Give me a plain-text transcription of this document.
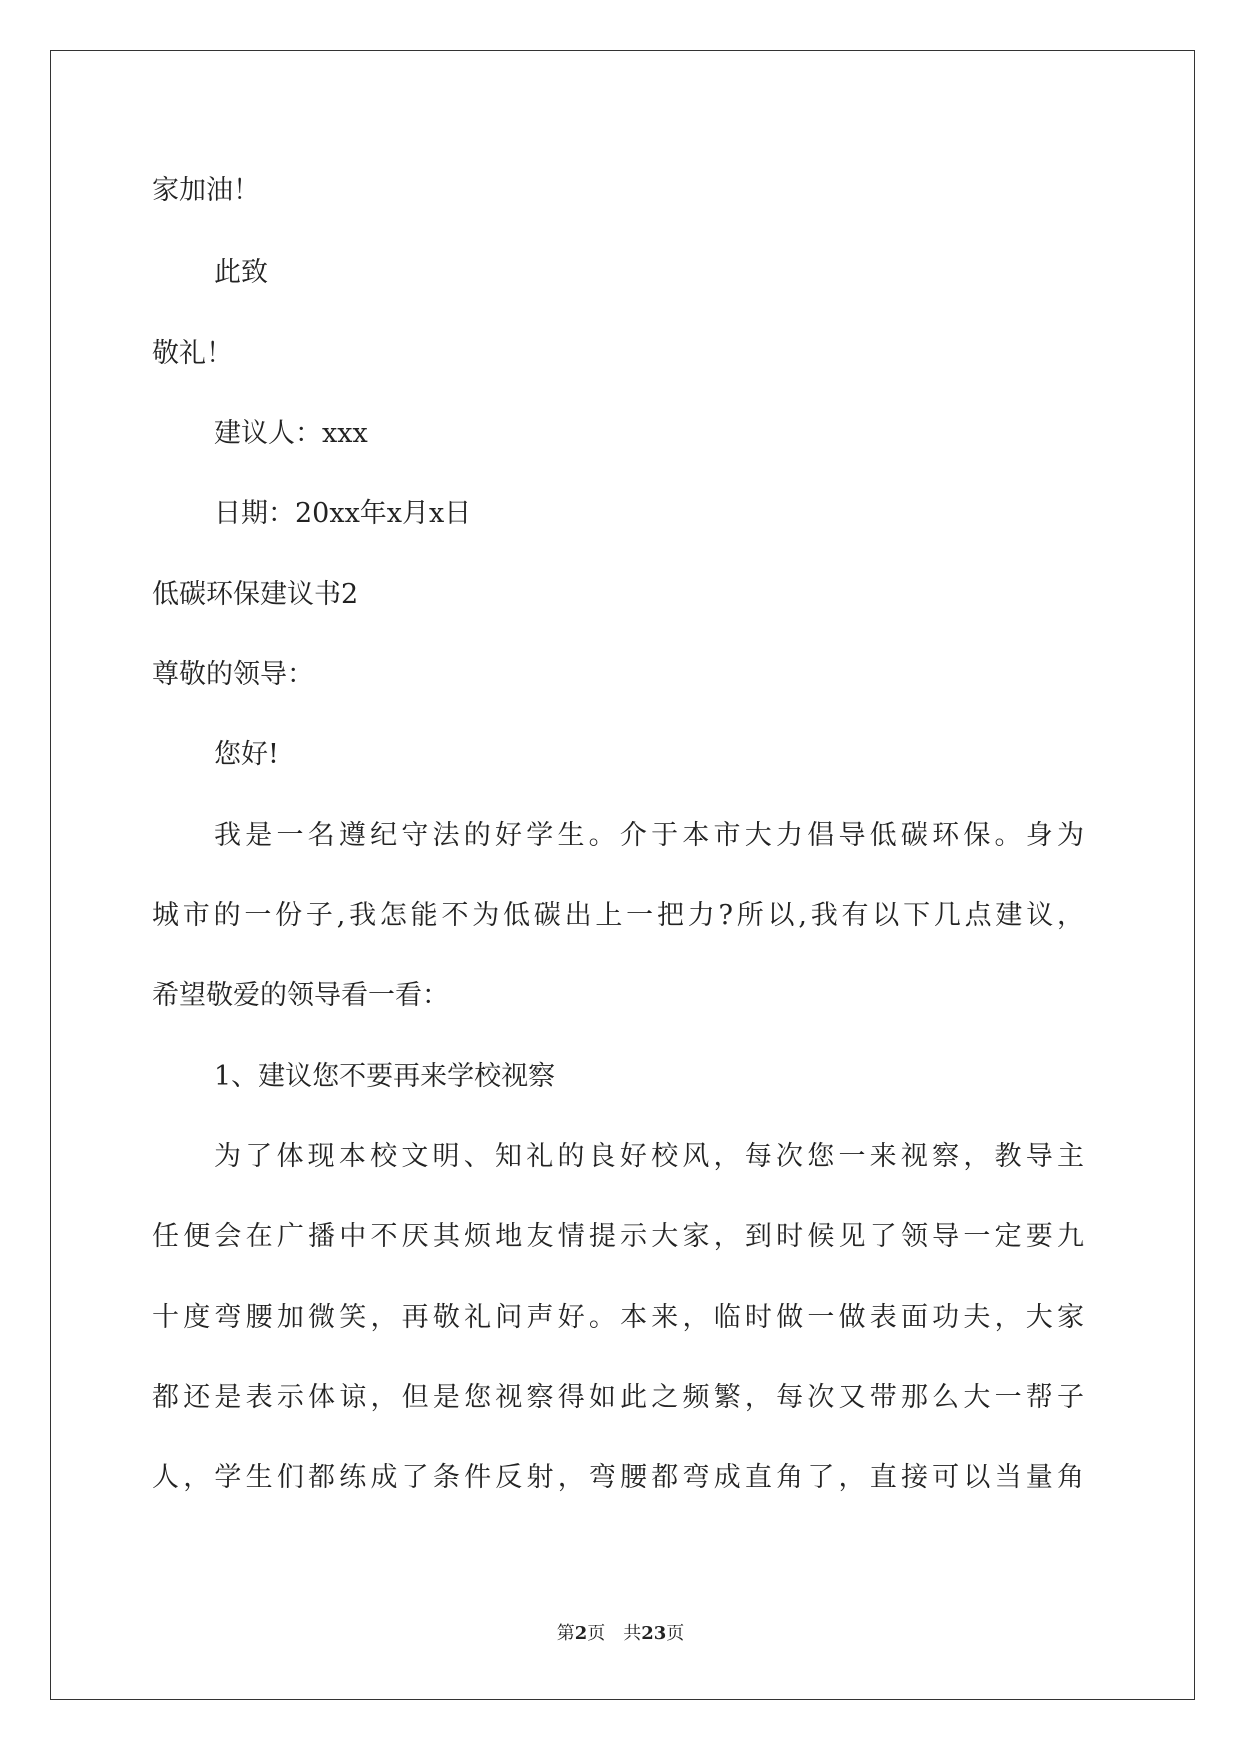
家加油！
此致
敬礼！
建议人：xxx
日期：20xx年x月x日
低碳环保建议书2
尊敬的领导：
您好!
我是一名遵纪守法的好学生。介于本市大力倡导低碳环保。身为
城市的一份子,我怎能不为低碳出上一把力?所以,我有以下几点建议，
希望敬爱的领导看一看：
1、建议您不要再来学校视察
为了体现本校文明、知礼的良好校风，每次您一来视察，教导主
任便会在广播中不厌其烦地友情提示大家，到时候见了领导一定要九
十度弯腰加微笑，再敬礼问声好。本来，临时做一做表面功夫，大家
都还是表示体谅，但是您视察得如此之频繁，每次又带那么大一帮子
人，学生们都练成了条件反射，弯腰都弯成直角了，直接可以当量角
第2页　共23页
